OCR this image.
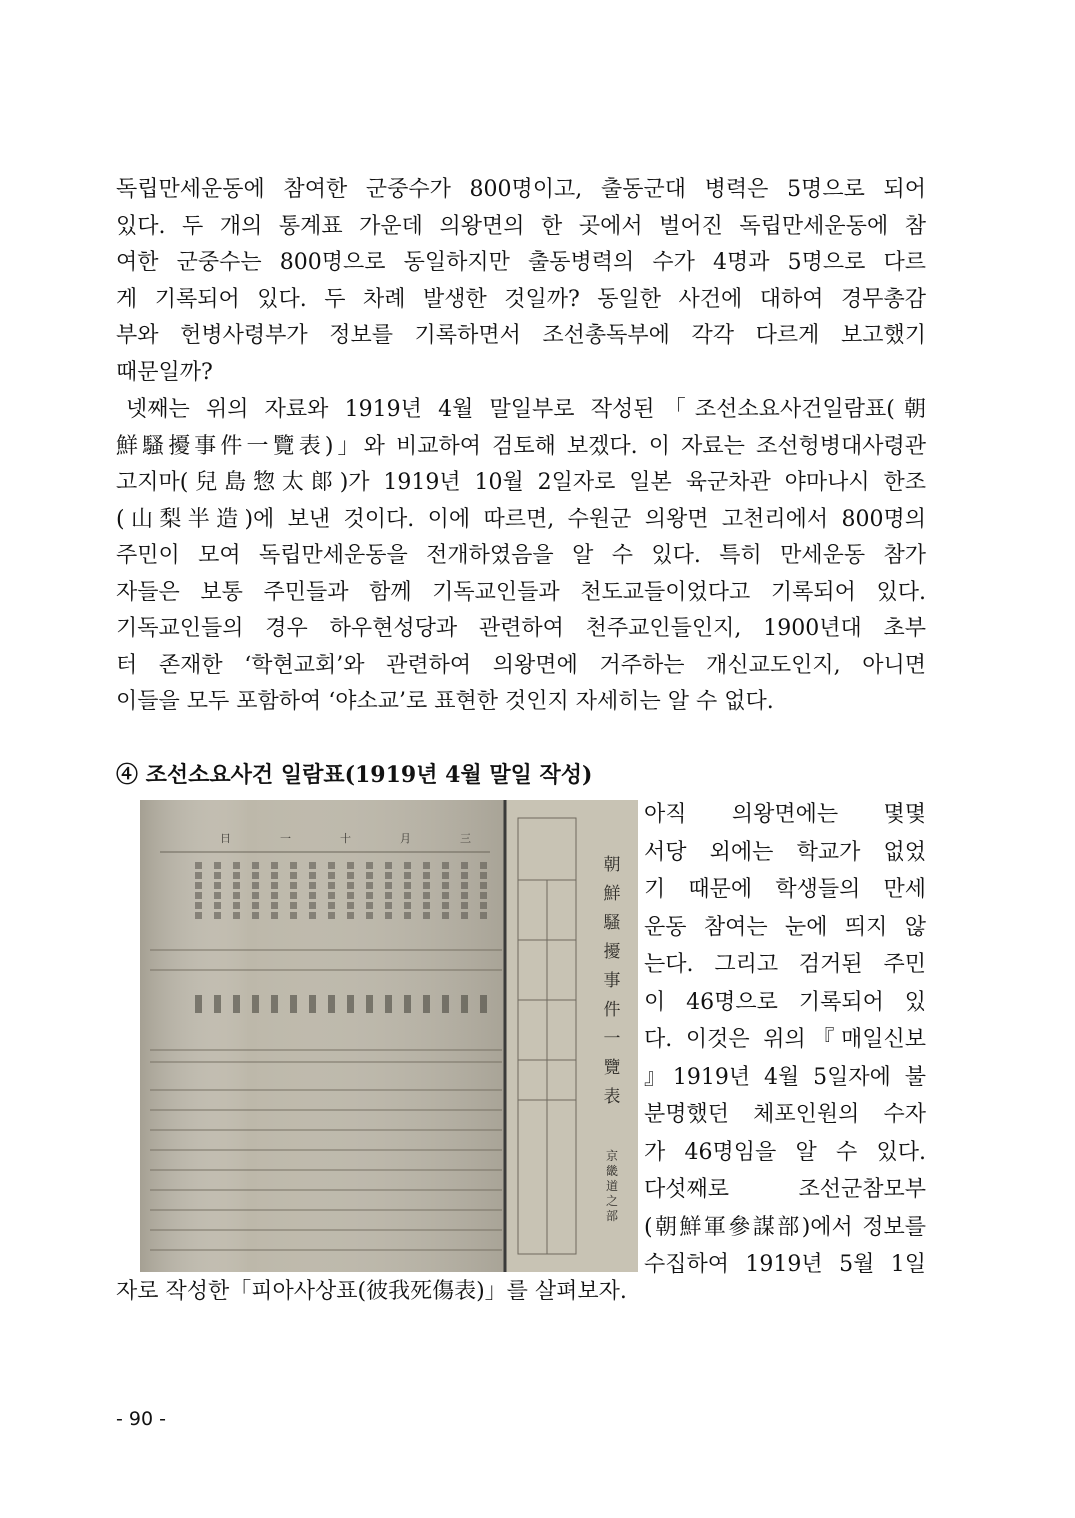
독립만세운동에 참여한 군중수가 800명이고, 출동군대 병력은 5명으로 되어
있다. 두 개의 통계표 가운데 의왕면의 한 곳에서 벌어진 독립만세운동에 참
여한 군중수는 800명으로 동일하지만 출동병력의 수가 4명과 5명으로 다르
게 기록되어 있다. 두 차례 발생한 것일까? 동일한 사건에 대하여 경무총감
부와 헌병사령부가 정보를 기록하면서 조선총독부에 각각 다르게 보고했기
때문일까?
넷째는 위의 자료와 1919년 4월 말일부로 작성된「조선소요사건일람표(朝
鮮騷擾事件一覽表)」와 비교하여 검토해 보겠다. 이 자료는 조선헝병대사령관
고지마(兒島惣太郞)가 1919년 10월 2일자로 일본 육군차관 야마나시 한조
(山梨半造)에 보낸 것이다. 이에 따르면, 수원군 의왕면 고천리에서 800명의
주민이 모여 독립만세운동을 전개하였음을 알 수 있다. 특히 만세운동 참가
자들은 보통 주민들과 함께 기독교인들과 천도교들이었다고 기록되어 있다.
기독교인들의 경우 하우현성당과 관련하여 천주교인들인지, 1900년대 초부
터 존재한 ‘학현교회’와 관련하여 의왕면에 거주하는 개신교도인지, 아니면
이들을 모두 포함하여 ‘야소교’로 표현한 것인지 자세히는 알 수 없다.
④ 조선소요사건 일람표(1919년 4월 말일 작성)
三
月
十
一
日
朝鮮騷擾事件一覽表
京畿道之部
아직 의왕면에는 몇몇
서당 외에는 학교가 없었
기 때문에 학생들의 만세
운동 참여는 눈에 띄지 않
는다. 그리고 검거된 주민
이 46명으로 기록되어 있
다. 이것은 위의『매일신보
』1919년 4월 5일자에 불
분명했던 체포인원의 수자
가 46명임을 알 수 있다.
다섯째로 조선군참모부
(朝鮮軍參謀部)에서 정보를
수집하여 1919년 5월 1일
자로 작성한「피아사상표(彼我死傷表)」를 살펴보자.
- 90 -
